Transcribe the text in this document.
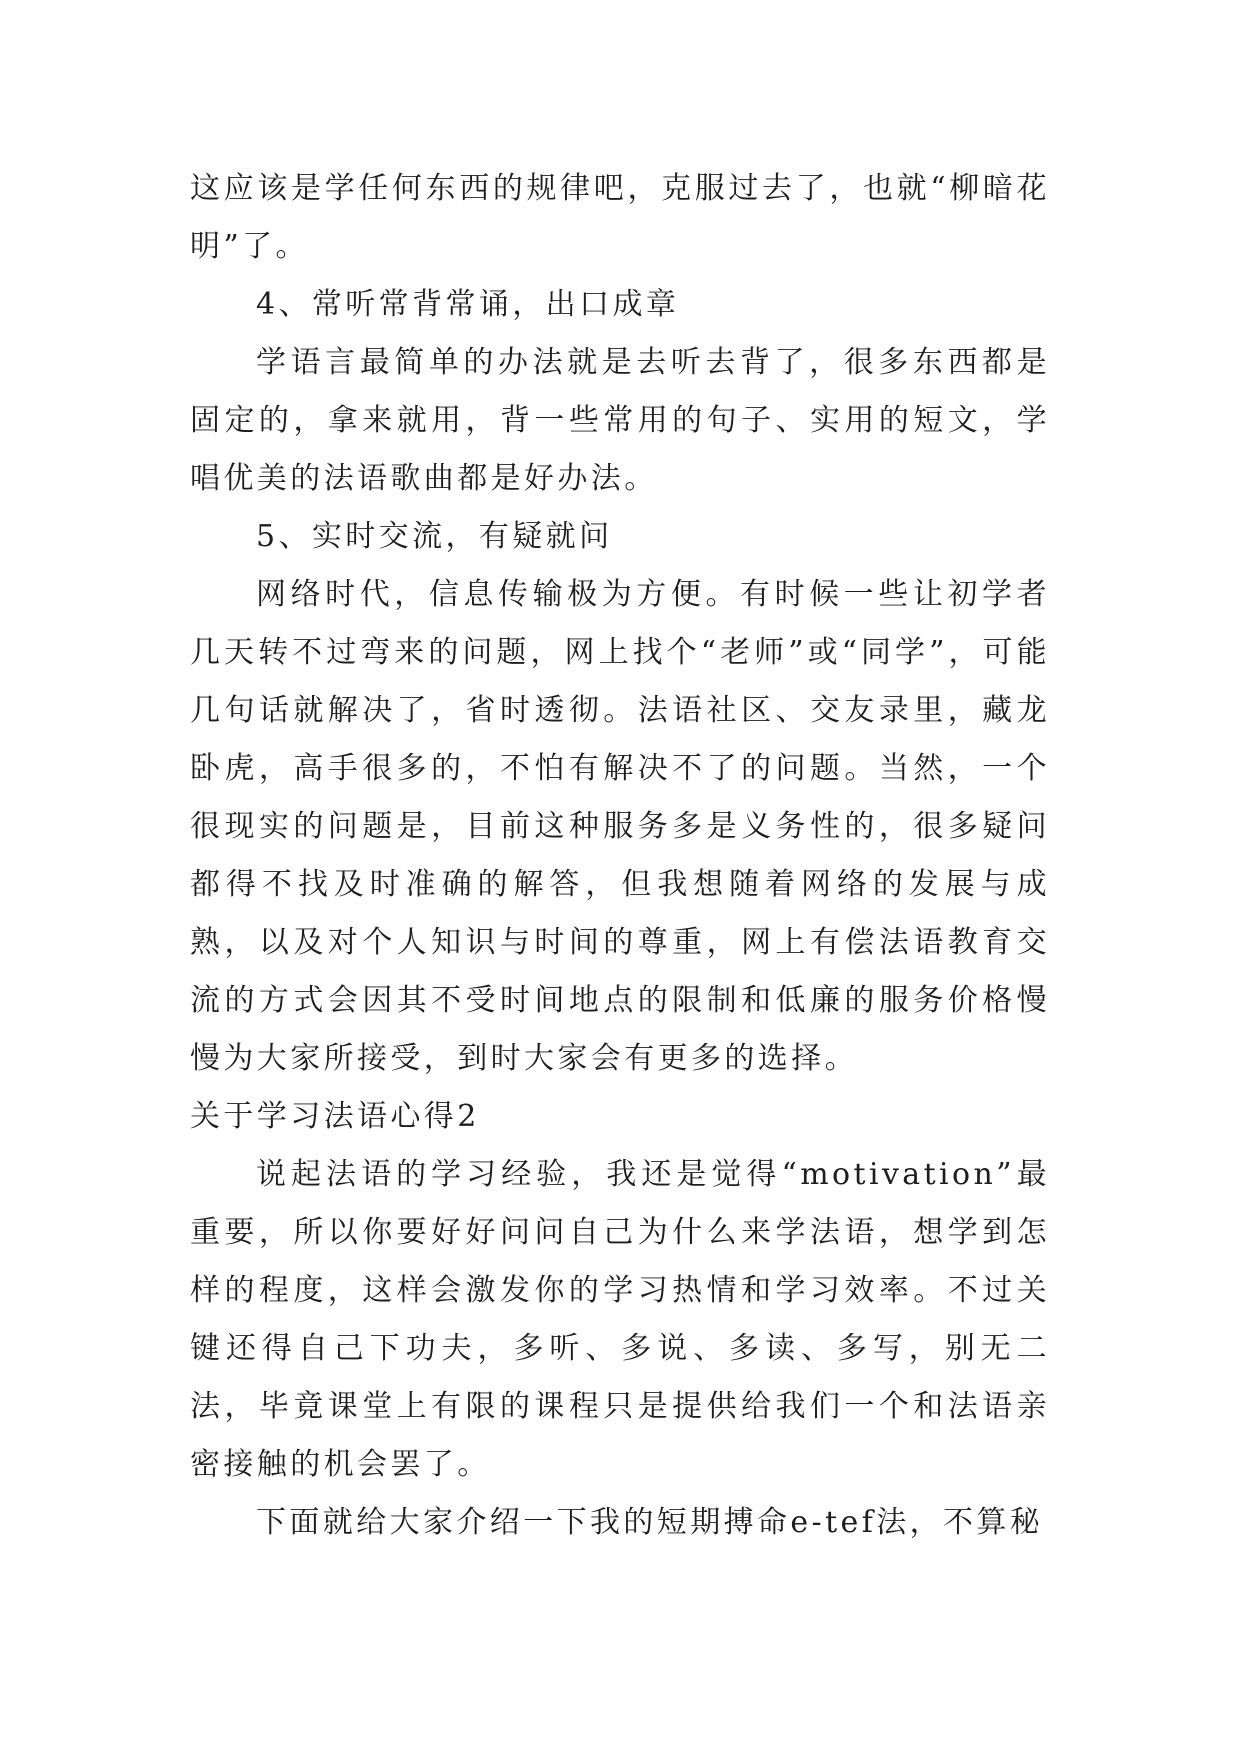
这应该是学任何东西的规律吧，克服过去了，也就“柳暗花明”了。

4、常听常背常诵，出口成章

学语言最简单的办法就是去听去背了，很多东西都是固定的，拿来就用，背一些常用的句子、实用的短文，学唱优美的法语歌曲都是好办法。

5、实时交流，有疑就问

网络时代，信息传输极为方便。有时候一些让初学者几天转不过弯来的问题，网上找个“老师”或“同学”，可能几句话就解决了，省时透彻。法语社区、交友录里，藏龙卧虎，高手很多的，不怕有解决不了的问题。当然，一个很现实的问题是，目前这种服务多是义务性的，很多疑问都得不找及时准确的解答，但我想随着网络的发展与成熟，以及对个人知识与时间的尊重，网上有偿法语教育交流的方式会因其不受时间地点的限制和低廉的服务价格慢慢为大家所接受，到时大家会有更多的选择。

关于学习法语心得2

说起法语的学习经验，我还是觉得“motivation”最重要，所以你要好好问问自己为什么来学法语，想学到怎样的程度，这样会激发你的学习热情和学习效率。不过关键还得自己下功夫，多听、多说、多读、多写，别无二法，毕竟课堂上有限的课程只是提供给我们一个和法语亲密接触的机会罢了。

下面就给大家介绍一下我的短期搏命e-tef法，不算秘
